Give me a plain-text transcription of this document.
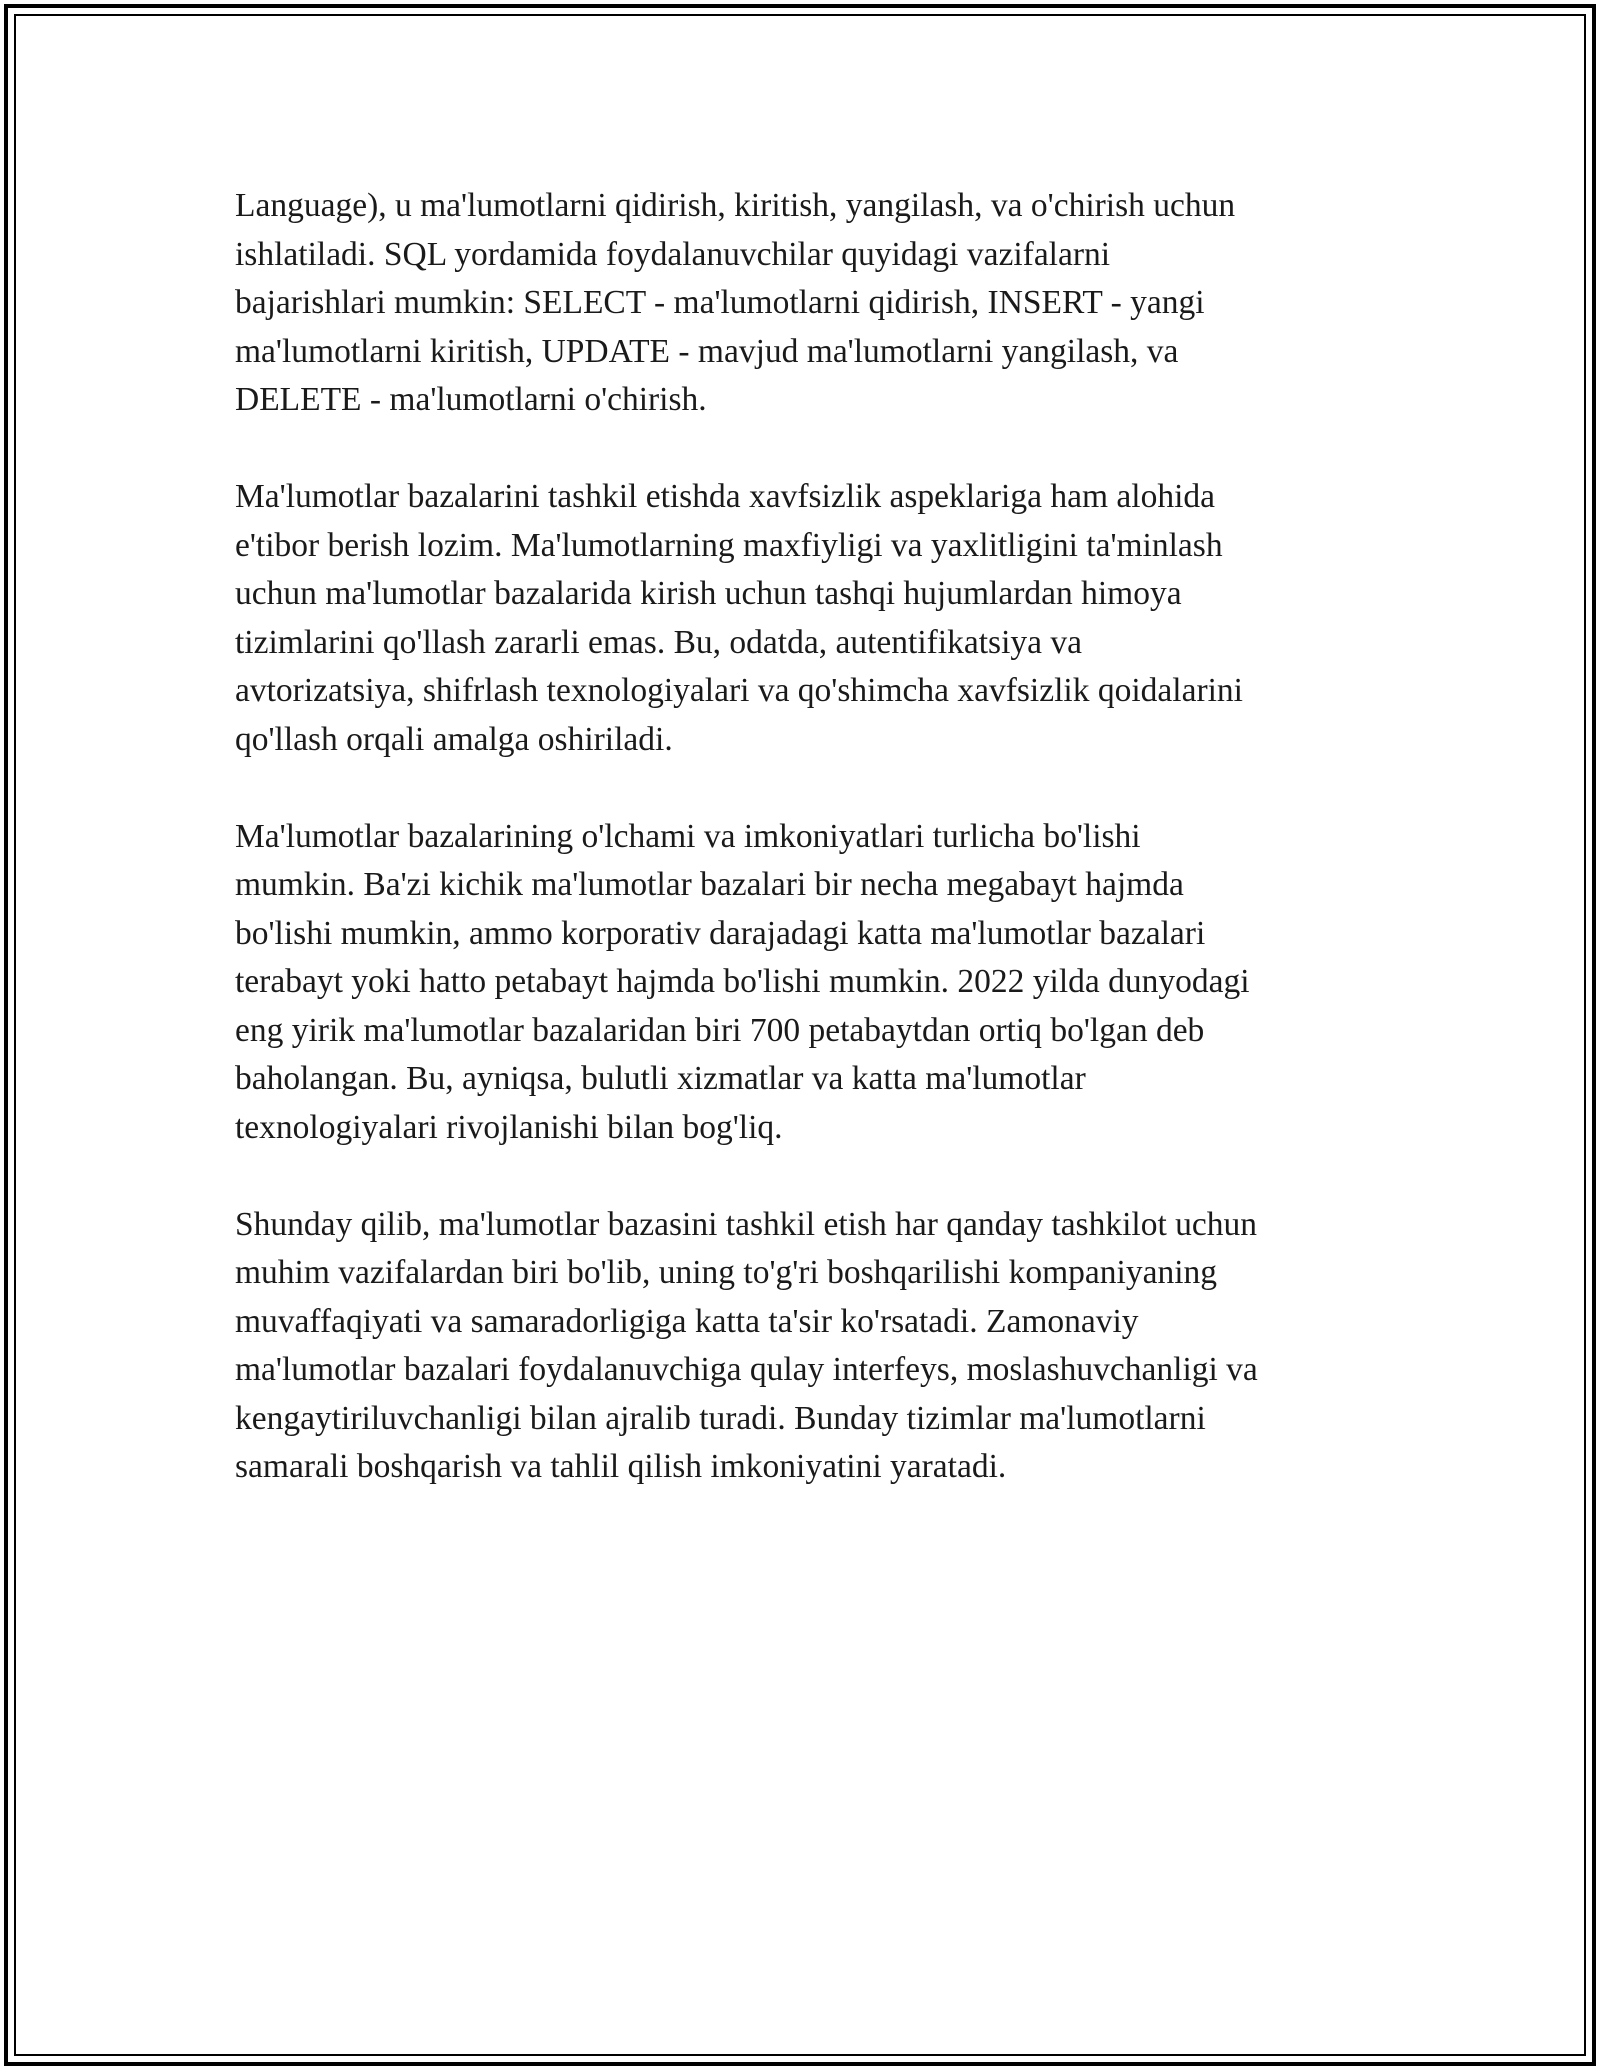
Language), u ma'lumotlarni qidirish, kiritish, yangilash, va o'chirish uchun
ishlatiladi. SQL yordamida foydalanuvchilar quyidagi vazifalarni
bajarishlari mumkin: SELECT - ma'lumotlarni qidirish, INSERT - yangi
ma'lumotlarni kiritish, UPDATE - mavjud ma'lumotlarni yangilash, va
DELETE - ma'lumotlarni o'chirish.

Ma'lumotlar bazalarini tashkil etishda xavfsizlik aspeklariga ham alohida
e'tibor berish lozim. Ma'lumotlarning maxfiyligi va yaxlitligini ta'minlash
uchun ma'lumotlar bazalarida kirish uchun tashqi hujumlardan himoya
tizimlarini qo'llash zararli emas. Bu, odatda, autentifikatsiya va
avtorizatsiya, shifrlash texnologiyalari va qo'shimcha xavfsizlik qoidalarini
qo'llash orqali amalga oshiriladi.

Ma'lumotlar bazalarining o'lchami va imkoniyatlari turlicha bo'lishi
mumkin. Ba'zi kichik ma'lumotlar bazalari bir necha megabayt hajmda
bo'lishi mumkin, ammo korporativ darajadagi katta ma'lumotlar bazalari
terabayt yoki hatto petabayt hajmda bo'lishi mumkin. 2022 yilda dunyodagi
eng yirik ma'lumotlar bazalaridan biri 700 petabaytdan ortiq bo'lgan deb
baholangan. Bu, ayniqsa, bulutli xizmatlar va katta ma'lumotlar
texnologiyalari rivojlanishi bilan bog'liq.

Shunday qilib, ma'lumotlar bazasini tashkil etish har qanday tashkilot uchun
muhim vazifalardan biri bo'lib, uning to'g'ri boshqarilishi kompaniyaning
muvaffaqiyati va samaradorligiga katta ta'sir ko'rsatadi. Zamonaviy
ma'lumotlar bazalari foydalanuvchiga qulay interfeys, moslashuvchanligi va
kengaytiriluvchanligi bilan ajralib turadi. Bunday tizimlar ma'lumotlarni
samarali boshqarish va tahlil qilish imkoniyatini yaratadi.
